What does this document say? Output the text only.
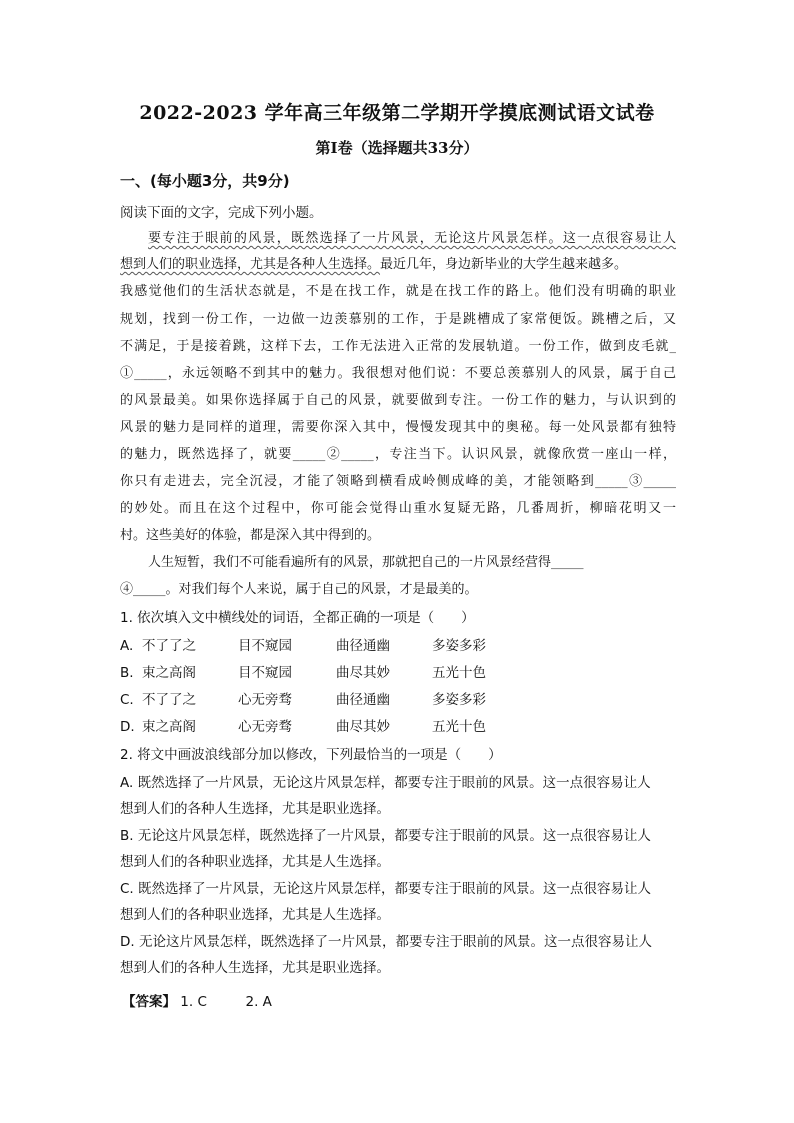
2022-2023 学年高三年级第二学期开学摸底测试语文试卷
第Ⅰ卷（选择题共33分）
一、(每小题3分，共9分)
阅读下面的文字，完成下列小题。
要专注于眼前的风景，既然选择了一片风景，无论这片风景怎样。这一点很容易让人
想到人们的职业选择，尤其是各种人生选择。最近几年，身边新毕业的大学生越来越多。
我感觉他们的生活状态就是，不是在找工作，就是在找工作的路上。他们没有明确的职业
规划，找到一份工作，一边做一边羡慕别的工作，于是跳槽成了家常便饭。跳槽之后，又
不满足，于是接着跳，这样下去，工作无法进入正常的发展轨道。一份工作，做到皮毛就_
①_____，永远领略不到其中的魅力。我很想对他们说：不要总羡慕别人的风景，属于自己
的风景最美。如果你选择属于自己的风景，就要做到专注。一份工作的魅力，与认识到的
风景的魅力是同样的道理，需要你深入其中，慢慢发现其中的奥秘。每一处风景都有独特
的魅力，既然选择了，就要_____②_____，专注当下。认识风景，就像欣赏一座山一样，
你只有走进去，完全沉浸，才能了领略到横看成岭侧成峰的美，才能领略到_____③_____
的妙处。而且在这个过程中，你可能会觉得山重水复疑无路，几番周折，柳暗花明又一
村。这些美好的体验，都是深入其中得到的。
人生短暂，我们不可能看遍所有的风景，那就把自己的一片风景经营得_____
④_____。对我们每个人来说，属于自己的风景，才是最美的。
1. 依次填入文中横线处的词语，全都正确的一项是（　　）
A. 不了了之	目不窥园	曲径通幽	多姿多彩
B. 束之高阁	目不窥园	曲尽其妙	五光十色
C. 不了了之	心无旁骛	曲径通幽	多姿多彩
D. 束之高阁	心无旁骛	曲尽其妙	五光十色
2. 将文中画波浪线部分加以修改，下列最恰当的一项是（　　）
A. 既然选择了一片风景，无论这片风景怎样，都要专注于眼前的风景。这一点很容易让人
想到人们的各种人生选择，尤其是职业选择。
B. 无论这片风景怎样，既然选择了一片风景，都要专注于眼前的风景。这一点很容易让人
想到人们的各种职业选择，尤其是人生选择。
C. 既然选择了一片风景，无论这片风景怎样，都要专注于眼前的风景。这一点很容易让人
想到人们的各种职业选择，尤其是人生选择。
D. 无论这片风景怎样，既然选择了一片风景，都要专注于眼前的风景。这一点很容易让人
想到人们的各种人生选择，尤其是职业选择。
【答案】 1. C	2. A
